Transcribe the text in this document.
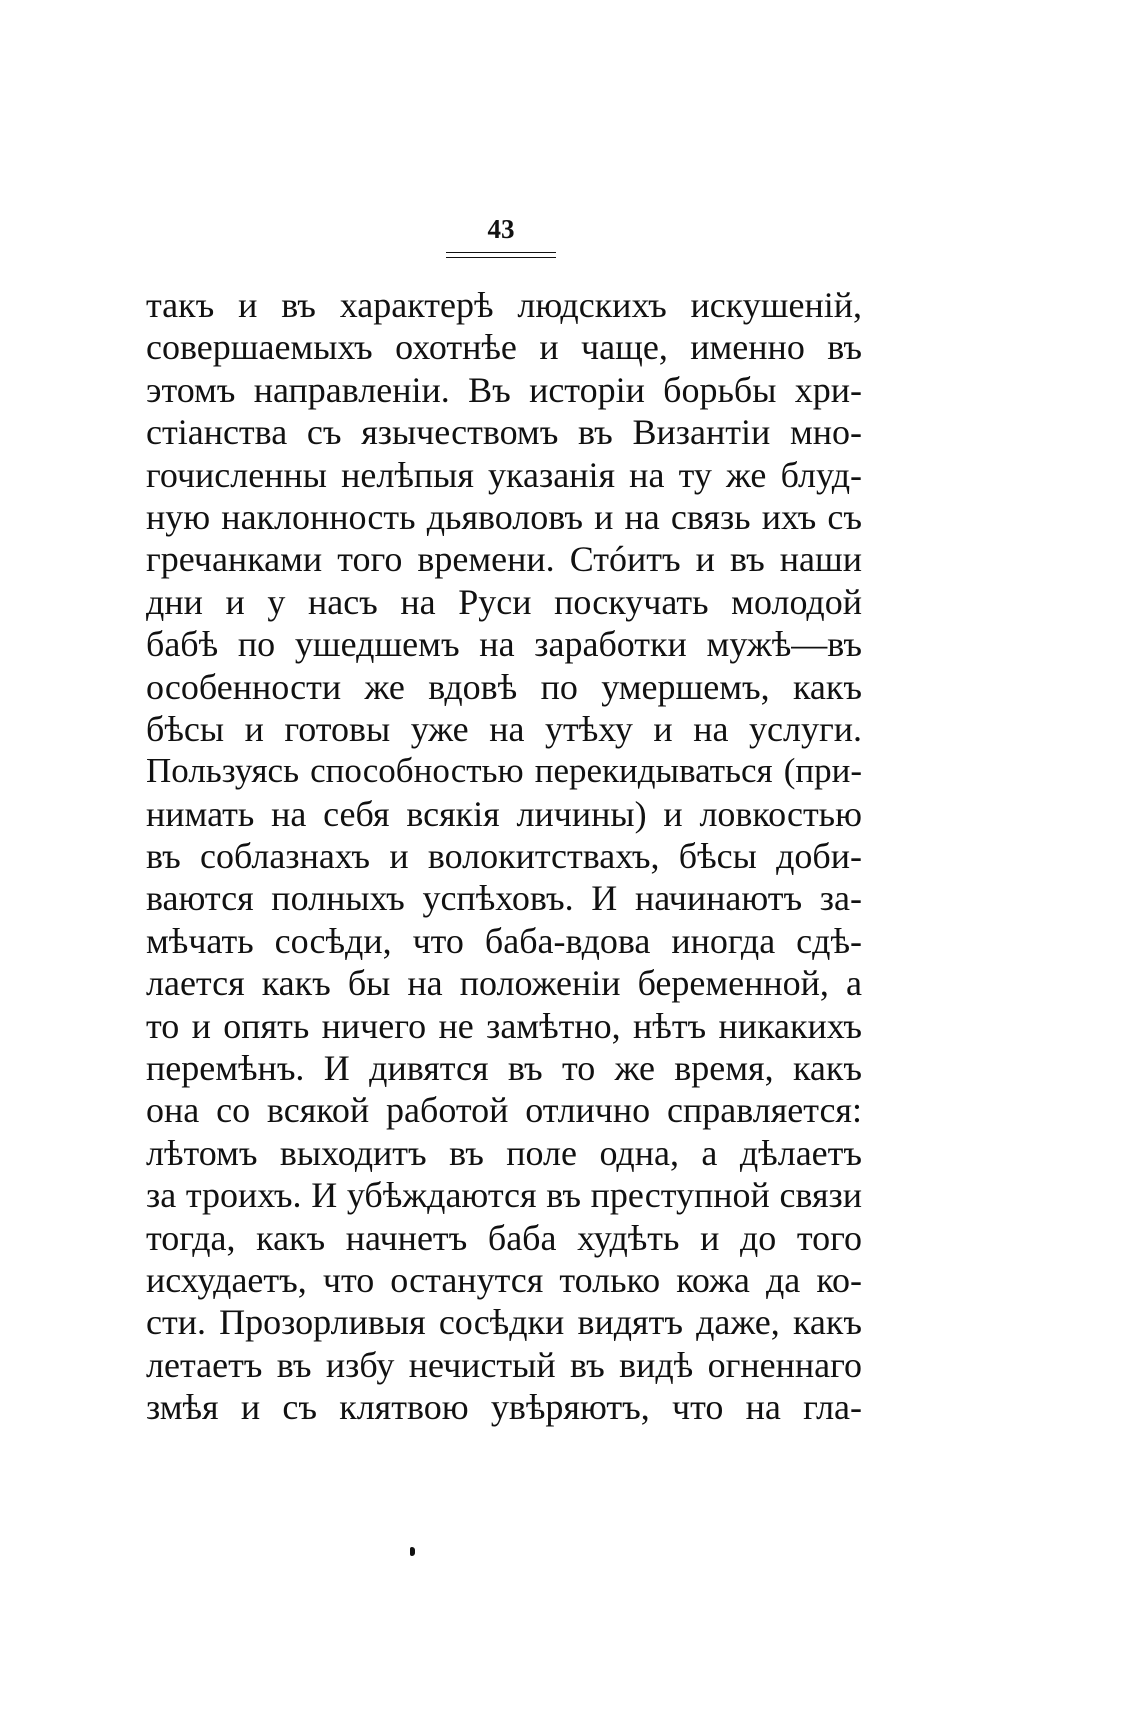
43
такъ и въ характерѣ людскихъ искушеній,
совершаемыхъ охотнѣе и чаще, именно въ
этомъ направленіи. Въ исторіи борьбы хри-
стіанства съ язычествомъ въ Византіи мно-
гочисленны нелѣпыя указанія на ту же блуд-
ную наклонность дьяволовъ и на связь ихъ съ
гречанками того времени. Стóитъ и въ наши
дни и у насъ на Руси поскучать молодой
бабѣ по ушедшемъ на заработки мужѣ—въ
особенности же вдовѣ по умершемъ, какъ
бѣсы и готовы уже на утѣху и на услуги.
Пользуясь способностью перекидываться (при-
нимать на себя всякія личины) и ловкостью
въ соблазнахъ и волокитствахъ, бѣсы доби-
ваются полныхъ успѣховъ. И начинаютъ за-
мѣчать сосѣди, что баба-вдова иногда сдѣ-
лается какъ бы на положеніи беременной, а
то и опять ничего не замѣтно, нѣтъ никакихъ
перемѣнъ. И дивятся въ то же время, какъ
она со всякой работой отлично справляется:
лѣтомъ выходитъ въ поле одна, а дѣлаетъ
за троихъ. И убѣждаются въ преступной связи
тогда, какъ начнетъ баба худѣть и до того
исхудаетъ, что останутся только кожа да ко-
сти. Прозорливыя сосѣдки видятъ даже, какъ
летаетъ въ избу нечистый въ видѣ огненнаго
змѣя и съ клятвою увѣряютъ, что на гла-
